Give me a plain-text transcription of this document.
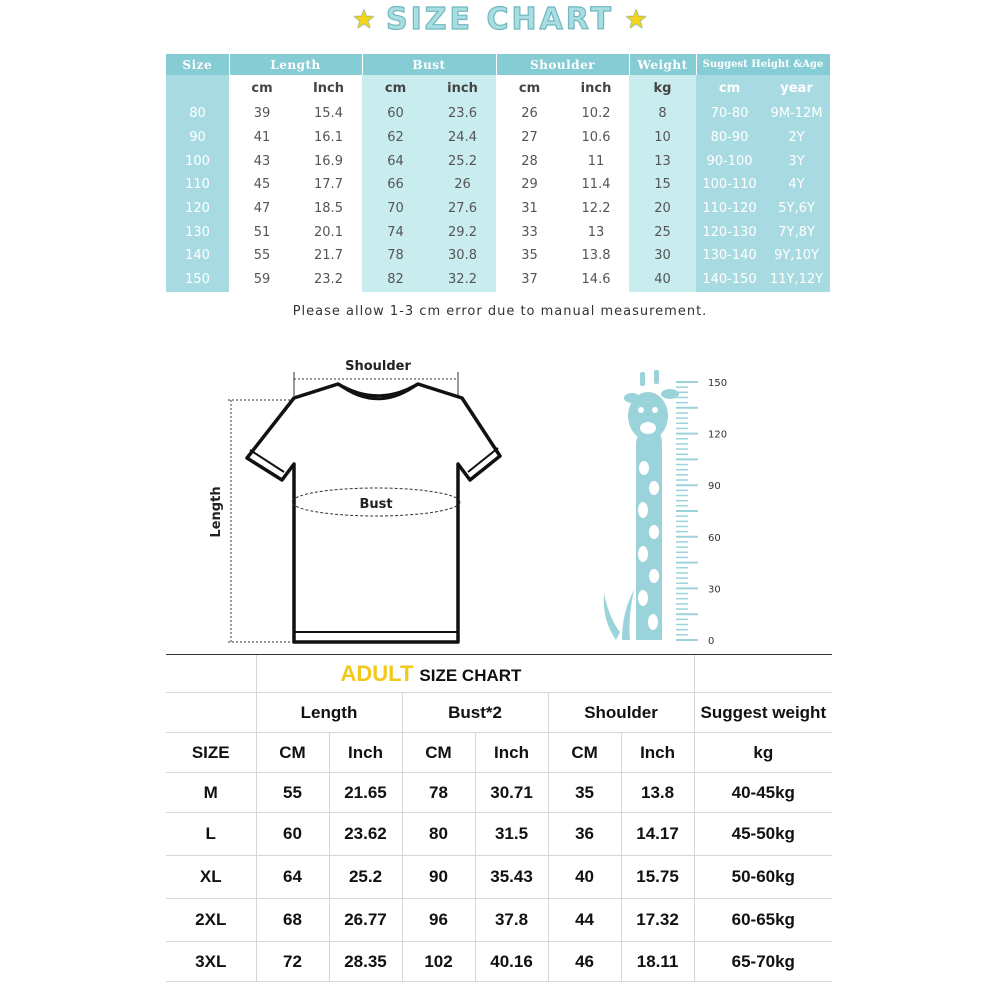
★ SIZE CHART ★
Size	Length		Bust		Shoulder		Weight	Suggest Height &Age	
	cm	Inch	cm	inch	cm	inch	kg	cm	year
80	39	15.4	60	23.6	26	10.2	8	70-80	9M-12M
90	41	16.1	62	24.4	27	10.6	10	80-90	2Y
100	43	16.9	64	25.2	28	11	13	90-100	3Y
110	45	17.7	66	26	29	11.4	15	100-110	4Y
120	47	18.5	70	27.6	31	12.2	20	110-120	5Y,6Y
130	51	20.1	74	29.2	33	13	25	120-130	7Y,8Y
140	55	21.7	78	30.8	35	13.8	30	130-140	9Y,10Y
150	59	23.2	82	32.2	37	14.6	40	140-150	11Y,12Y
Please allow 1-3 cm error due to manual measurement.
Shoulder
Length	Bust
150
120
90
60
30
0
	ADULT SIZE CHART						
	Length		Bust*2		Shoulder		Suggest weight
SIZE	CM	Inch	CM	Inch	CM	Inch	kg
M	55	21.65	78	30.71	35	13.8	40-45kg
L	60	23.62	80	31.5	36	14.17	45-50kg
XL	64	25.2	90	35.43	40	15.75	50-60kg
2XL	68	26.77	96	37.8	44	17.32	60-65kg
3XL	72	28.35	102	40.16	46	18.11	65-70kg
